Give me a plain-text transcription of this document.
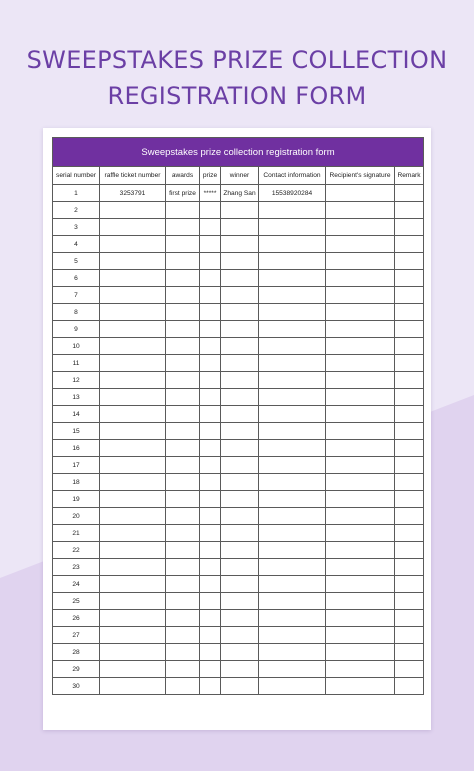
SWEEPSTAKES PRIZE COLLECTION
REGISTRATION FORM
Sweepstakes prize collection registration form							
serial number	raffle ticket number	awards	prize	winner	Contact information	Recipient's signature	Remark
1	3253791	first prize	*****	Zhang San	15538920284		
2							
3							
4							
5							
6							
7							
8							
9							
10							
11							
12							
13							
14							
15							
16							
17							
18							
19							
20							
21							
22							
23							
24							
25							
26							
27							
28							
29							
30							
